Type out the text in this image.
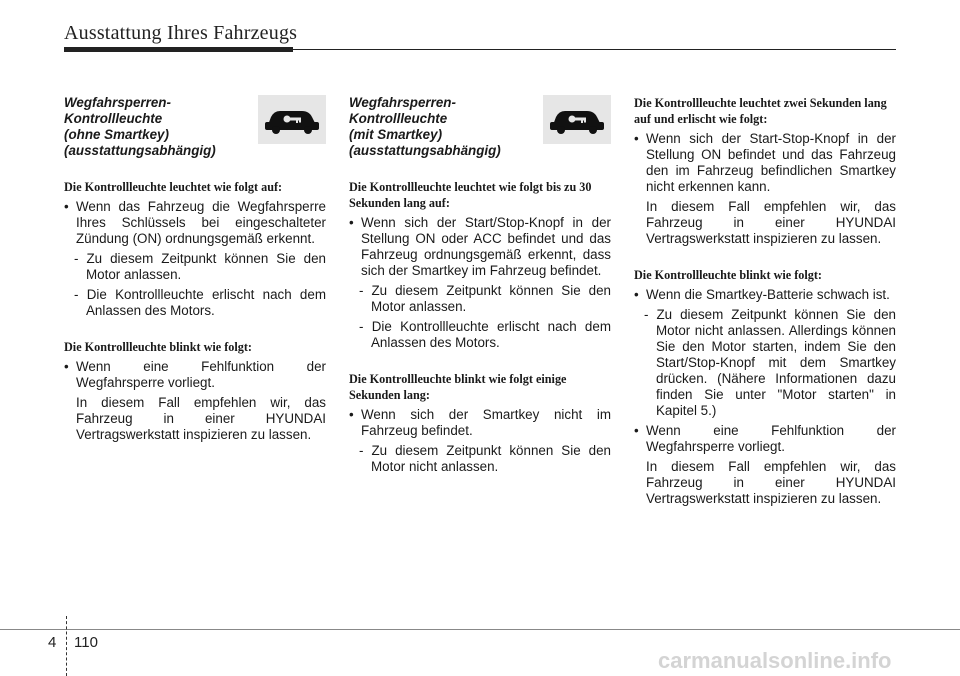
Ausstattung Ihres Fahrzeugs
Wegfahrsperren-
Kontrollleuchte
(ohne Smartkey)
(ausstattungsabhängig)

Die Kontrollleuchte leuchtet wie folgt auf:

• Wenn das Fahrzeug die Wegfahrsperre Ihres Schlüssels bei eingeschalteter Zündung (ON) ordnungsgemäß erkennt.

- Zu diesem Zeitpunkt können Sie den Motor anlassen.

- Die Kontrollleuchte erlischt nach dem Anlassen des Motors.

Die Kontrollleuchte blinkt wie folgt:

• Wenn eine Fehlfunktion der Wegfahrsperre vorliegt.

In diesem Fall empfehlen wir, das Fahrzeug in einer HYUNDAI Vertragswerkstatt inspizieren zu lassen.

Wegfahrsperren-
Kontrollleuchte
(mit Smartkey)
(ausstattungsabhängig)

Die Kontrollleuchte leuchtet wie folgt bis zu 30 Sekunden lang auf:

• Wenn sich der Start/Stop-Knopf in der Stellung ON oder ACC befindet und das Fahrzeug ordnungsgemäß erkennt, dass sich der Smartkey im Fahrzeug befindet.

- Zu diesem Zeitpunkt können Sie den Motor anlassen.

- Die Kontrollleuchte erlischt nach dem Anlassen des Motors.

Die Kontrollleuchte blinkt wie folgt einige Sekunden lang:

• Wenn sich der Smartkey nicht im Fahrzeug befindet.

- Zu diesem Zeitpunkt können Sie den Motor nicht anlassen.

Die Kontrollleuchte leuchtet zwei Sekunden lang auf und erlischt wie folgt:

• Wenn sich der Start-Stop-Knopf in der Stellung ON befindet und das Fahrzeug den im Fahrzeug befindlichen Smartkey nicht erkennen kann.

In diesem Fall empfehlen wir, das Fahrzeug in einer HYUNDAI Vertragswerkstatt inspizieren zu lassen.

Die Kontrollleuchte blinkt wie folgt:

• Wenn die Smartkey-Batterie schwach ist.

- Zu diesem Zeitpunkt können Sie den Motor nicht anlassen. Allerdings können Sie den Motor starten, indem Sie den Start/Stop-Knopf mit dem Smartkey drücken. (Nähere Informationen dazu finden Sie unter "Motor starten" in Kapitel 5.)

• Wenn eine Fehlfunktion der Wegfahrsperre vorliegt.

In diesem Fall empfehlen wir, das Fahrzeug in einer HYUNDAI Vertragswerkstatt inspizieren zu lassen.

4 110
carmanualsonline.info
